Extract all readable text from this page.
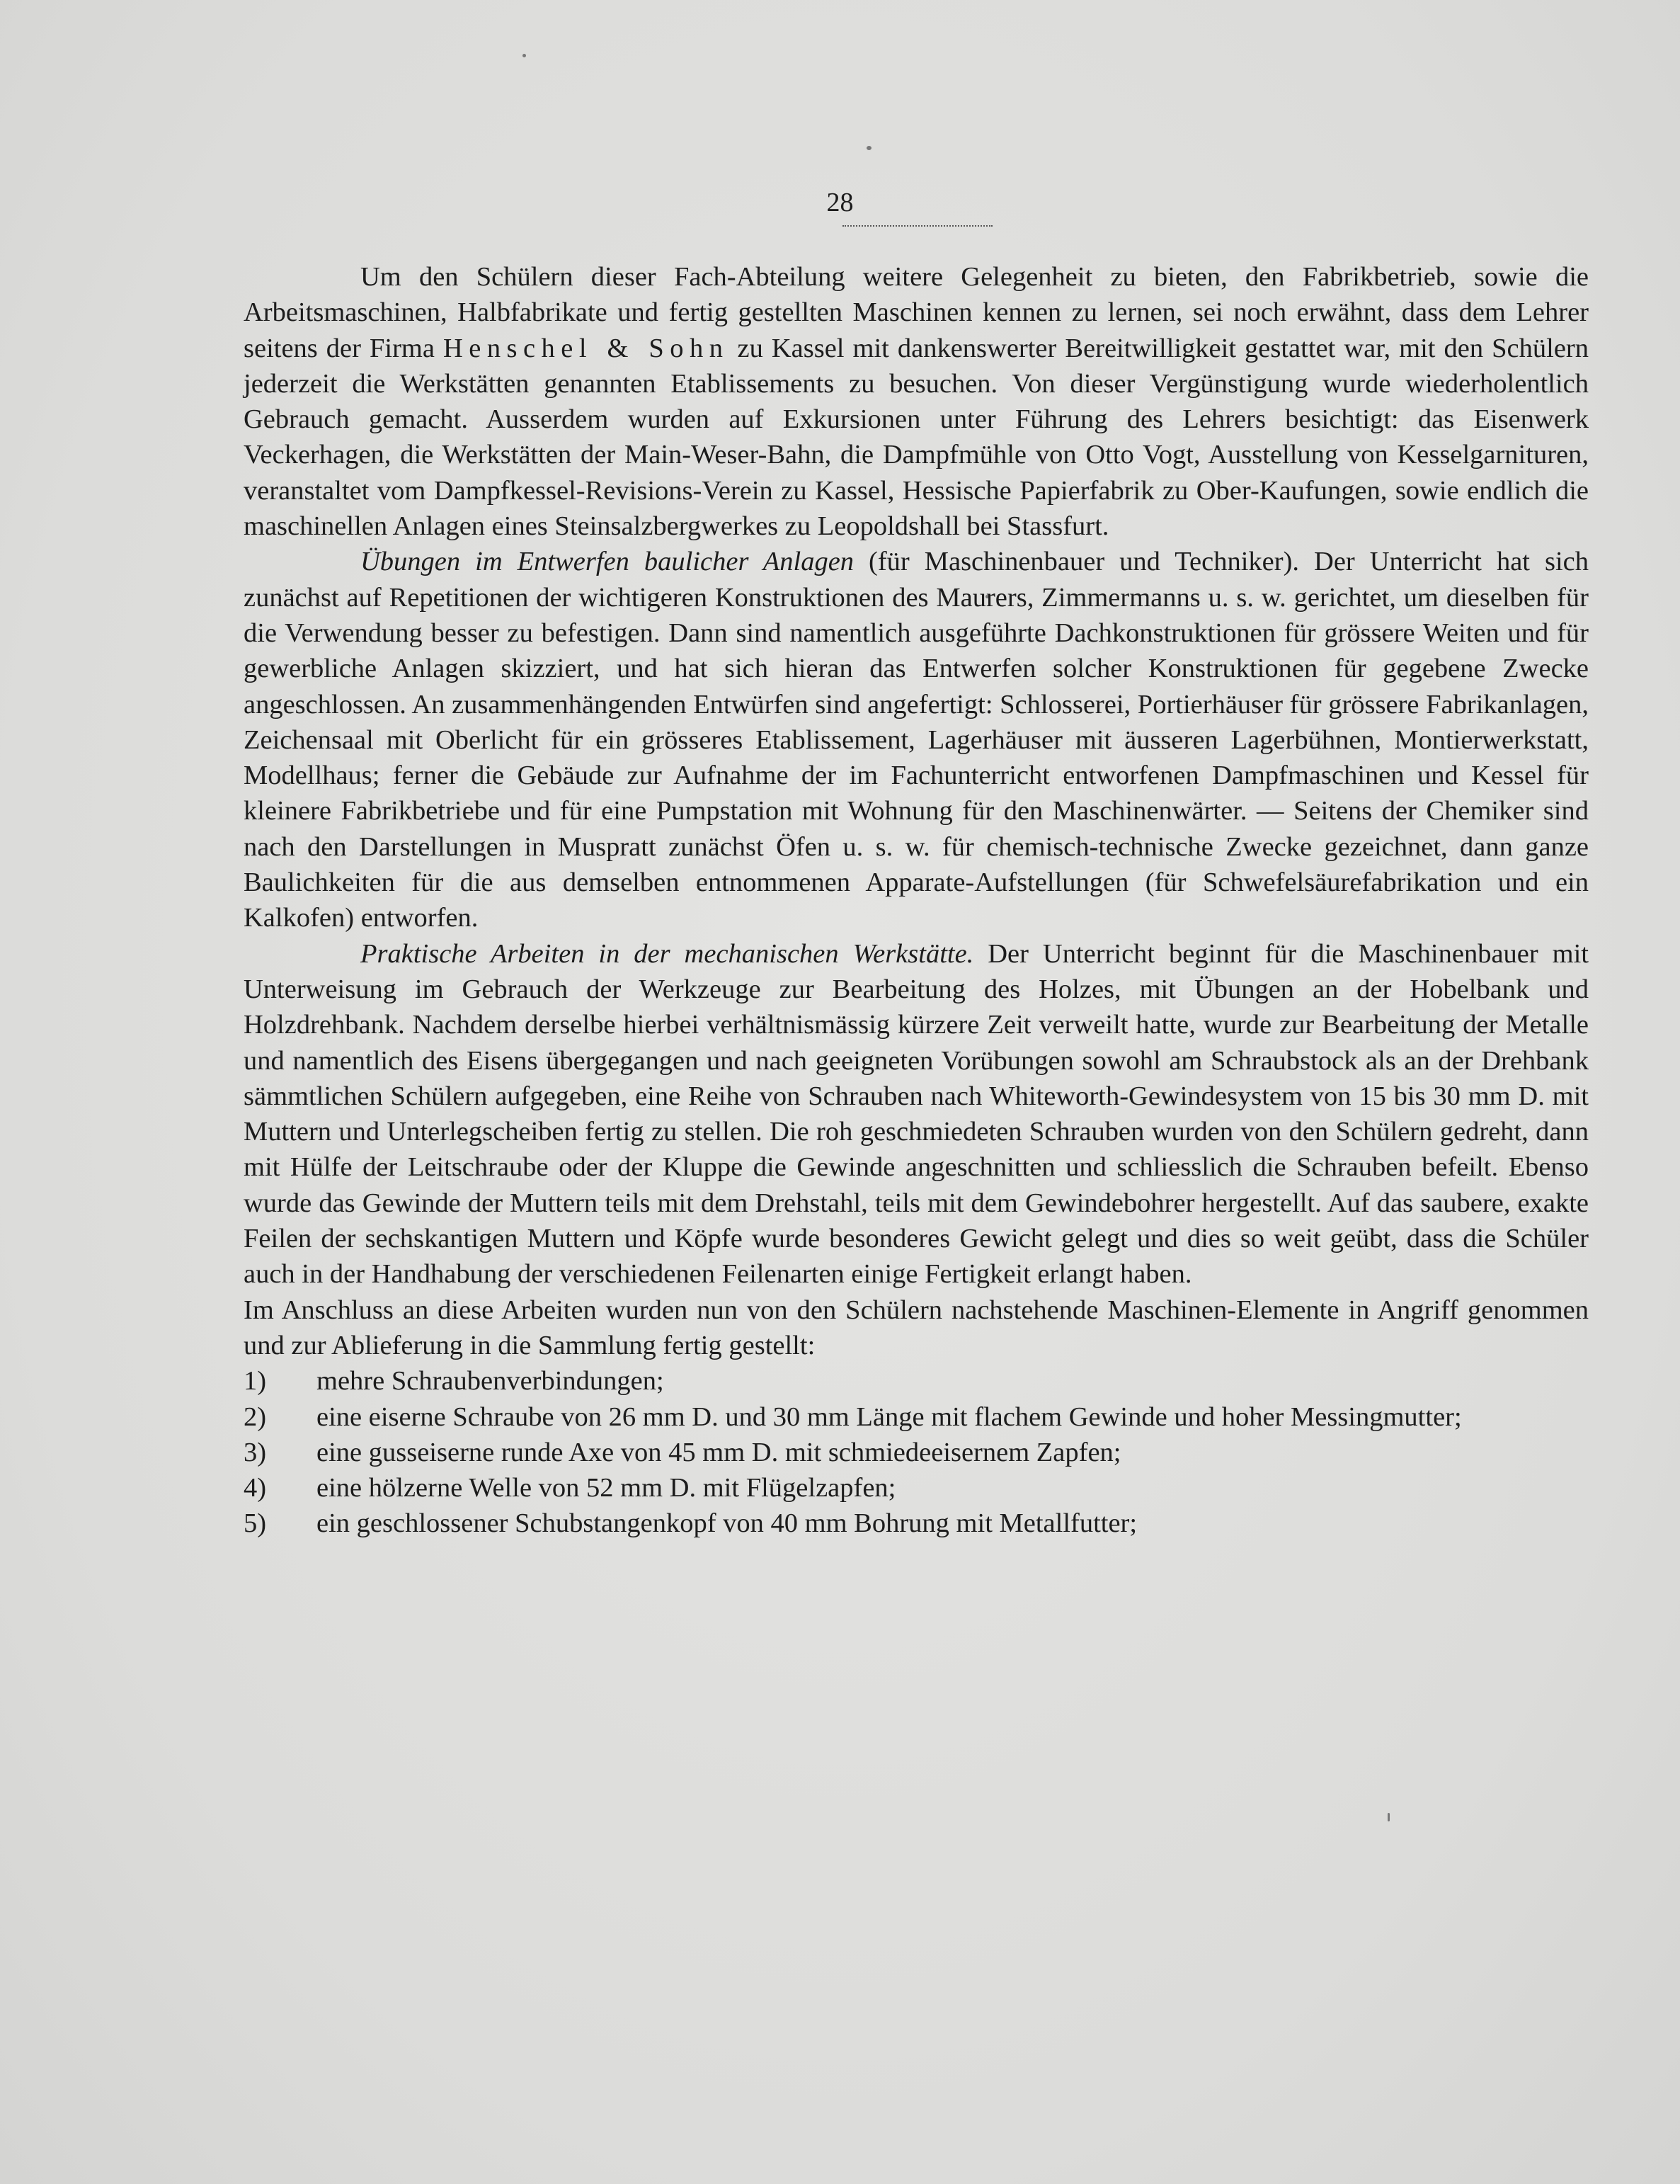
28

Um den Schülern dieser Fach-Abteilung weitere Gelegenheit zu bieten, den Fabrikbetrieb, sowie die Arbeitsmaschinen, Halbfabrikate und fertig gestellten Maschinen kennen zu lernen, sei noch erwähnt, dass dem Lehrer seitens der Firma Henschel & Sohn zu Kassel mit dankenswerter Bereitwilligkeit gestattet war, mit den Schülern jederzeit die Werkstätten genannten Etablissements zu besuchen. Von dieser Vergünstigung wurde wiederholentlich Gebrauch gemacht. Ausserdem wurden auf Exkursionen unter Führung des Lehrers besichtigt: das Eisenwerk Veckerhagen, die Werkstätten der Main-Weser-Bahn, die Dampfmühle von Otto Vogt, Ausstellung von Kesselgarnituren, veranstaltet vom Dampfkessel-Revisions-Verein zu Kassel, Hessische Papierfabrik zu Ober-Kaufungen, sowie endlich die maschinellen Anlagen eines Steinsalzbergwerkes zu Leopoldshall bei Stassfurt.

Übungen im Entwerfen baulicher Anlagen (für Maschinenbauer und Techniker). Der Unterricht hat sich zunächst auf Repetitionen der wichtigeren Konstruktionen des Maurers, Zimmermanns u. s. w. gerichtet, um dieselben für die Verwendung besser zu befestigen. Dann sind namentlich ausgeführte Dachkonstruktionen für grössere Weiten und für gewerbliche Anlagen skizziert, und hat sich hieran das Entwerfen solcher Konstruktionen für gegebene Zwecke angeschlossen. An zusammenhängenden Entwürfen sind angefertigt: Schlosserei, Portierhäuser für grössere Fabrikanlagen, Zeichensaal mit Oberlicht für ein grösseres Etablissement, Lagerhäuser mit äusseren Lagerbühnen, Montierwerkstatt, Modellhaus; ferner die Gebäude zur Aufnahme der im Fachunterricht entworfenen Dampfmaschinen und Kessel für kleinere Fabrikbetriebe und für eine Pumpstation mit Wohnung für den Maschinenwärter. — Seitens der Chemiker sind nach den Darstellungen in Muspratt zunächst Öfen u. s. w. für chemisch-technische Zwecke gezeichnet, dann ganze Baulichkeiten für die aus demselben entnommenen Apparate-Aufstellungen (für Schwefelsäurefabrikation und ein Kalkofen) entworfen.

Praktische Arbeiten in der mechanischen Werkstätte. Der Unterricht beginnt für die Maschinenbauer mit Unterweisung im Gebrauch der Werkzeuge zur Bearbeitung des Holzes, mit Übungen an der Hobelbank und Holzdrehbank. Nachdem derselbe hierbei verhältnismässig kürzere Zeit verweilt hatte, wurde zur Bearbeitung der Metalle und namentlich des Eisens übergegangen und nach geeigneten Vorübungen sowohl am Schraubstock als an der Drehbank sämmtlichen Schülern aufgegeben, eine Reihe von Schrauben nach Whiteworth-Gewindesystem von 15 bis 30 mm D. mit Muttern und Unterlegscheiben fertig zu stellen. Die roh geschmiedeten Schrauben wurden von den Schülern gedreht, dann mit Hülfe der Leitschraube oder der Kluppe die Gewinde angeschnitten und schliesslich die Schrauben befeilt. Ebenso wurde das Gewinde der Muttern teils mit dem Drehstahl, teils mit dem Gewindebohrer hergestellt. Auf das saubere, exakte Feilen der sechskantigen Muttern und Köpfe wurde besonderes Gewicht gelegt und dies so weit geübt, dass die Schüler auch in der Handhabung der verschiedenen Feilenarten einige Fertigkeit erlangt haben.

Im Anschluss an diese Arbeiten wurden nun von den Schülern nachstehende Maschinen-Elemente in Angriff genommen und zur Ablieferung in die Sammlung fertig gestellt:

1) mehre Schraubenverbindungen;
2) eine eiserne Schraube von 26 mm D. und 30 mm Länge mit flachem Gewinde und hoher Messingmutter;
3) eine gusseiserne runde Axe von 45 mm D. mit schmiedeeisernem Zapfen;
4) eine hölzerne Welle von 52 mm D. mit Flügelzapfen;
5) ein geschlossener Schubstangenkopf von 40 mm Bohrung mit Metallfutter;
